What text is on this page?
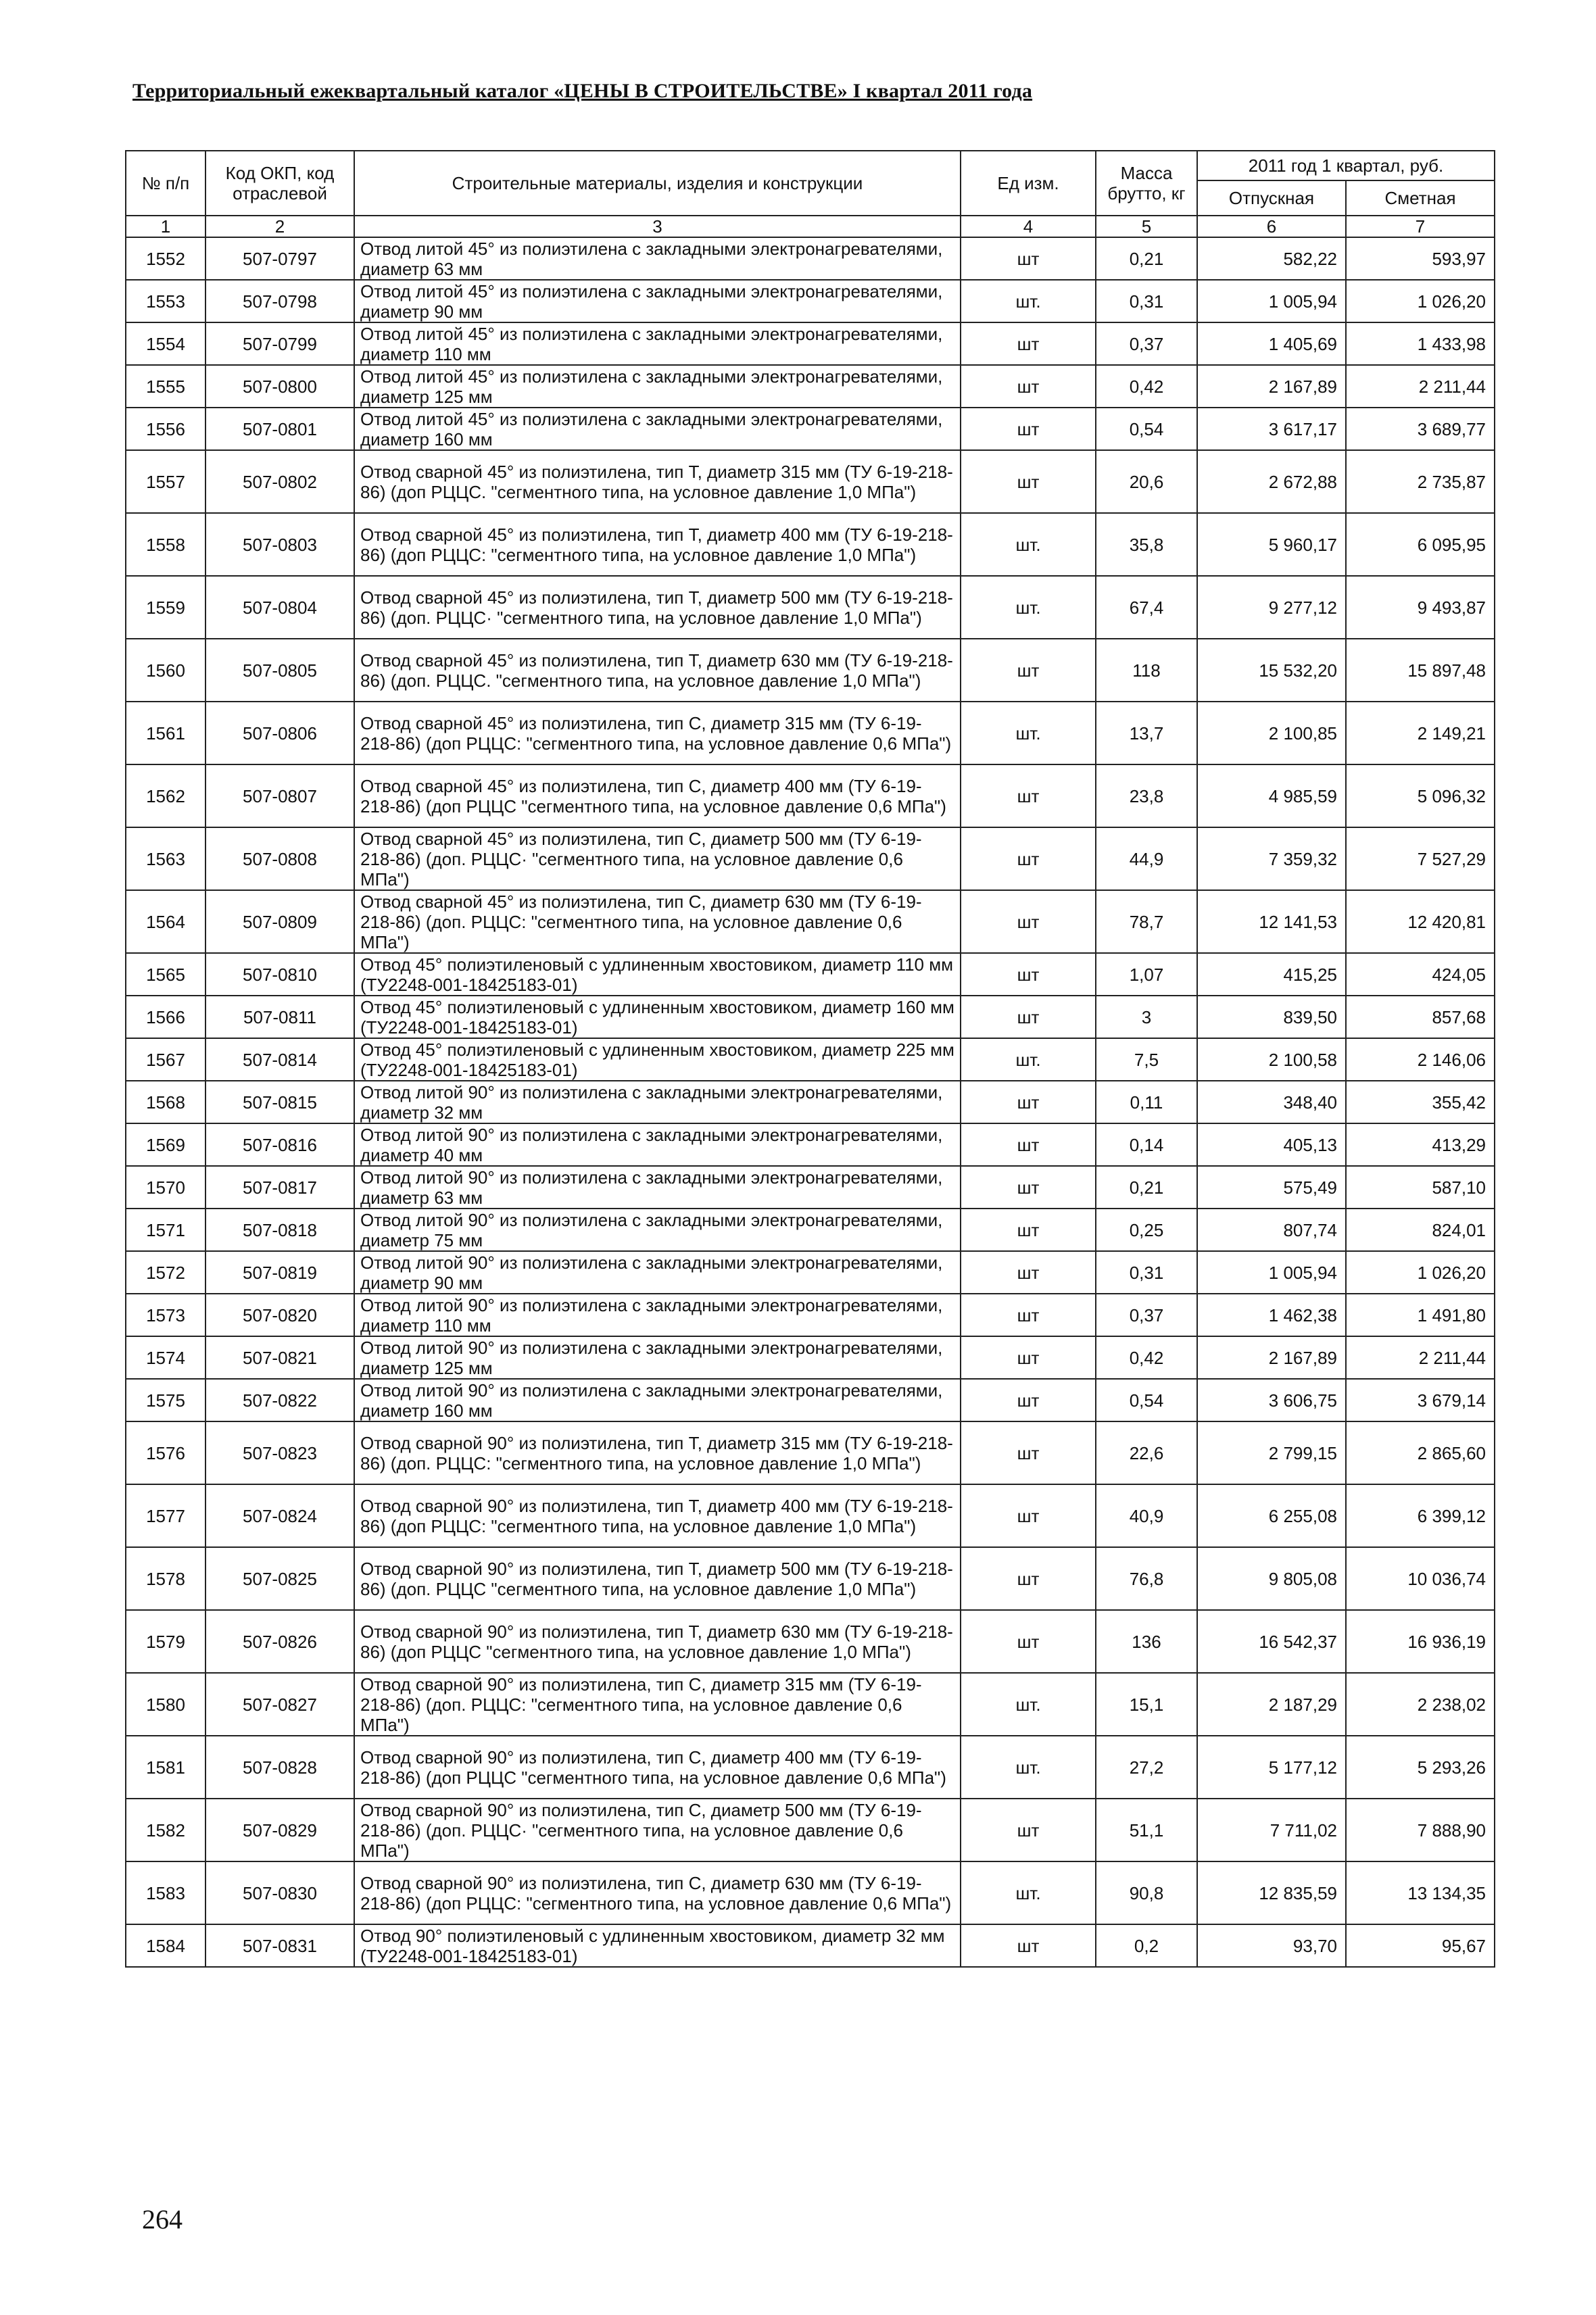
Территориальный ежеквартальный каталог «ЦЕНЫ В СТРОИТЕЛЬСТВЕ» I квартал 2011 года
№ п/п	Код ОКП, код отраслевой	Строительные материалы, изделия и конструкции	Ед изм.	Масса брутто, кг	2011 год 1 квартал, руб.	
					Отпускная	Сметная
1	2	3	4	5	6	7
1552	507-0797	Отвод литой 45° из полиэтилена с закладными электронагревателями, диаметр 63 мм	шт	0,21	582,22	593,97
1553	507-0798	Отвод литой 45° из полиэтилена с закладными электронагревателями, диаметр 90 мм	шт.	0,31	1 005,94	1 026,20
1554	507-0799	Отвод литой 45° из полиэтилена с закладными электронагревателями, диаметр 110 мм	шт	0,37	1 405,69	1 433,98
1555	507-0800	Отвод литой 45° из полиэтилена с закладными электронагревателями, диаметр 125 мм	шт	0,42	2 167,89	2 211,44
1556	507-0801	Отвод литой 45° из полиэтилена с закладными электронагревателями, диаметр 160 мм	шт	0,54	3 617,17	3 689,77
1557	507-0802	Отвод сварной 45° из полиэтилена, тип Т, диаметр 315 мм (ТУ 6-19-218-86) (доп РЦЦС. "сегментного типа, на условное давление 1,0 МПа")	шт	20,6	2 672,88	2 735,87
1558	507-0803	Отвод сварной 45° из полиэтилена, тип Т, диаметр 400 мм (ТУ 6-19-218-86) (доп РЦЦС: "сегментного типа, на условное давление 1,0 МПа")	шт.	35,8	5 960,17	6 095,95
1559	507-0804	Отвод сварной 45° из полиэтилена, тип Т, диаметр 500 мм (ТУ 6-19-218-86) (доп. РЦЦС· "сегментного типа, на условное давление 1,0 МПа")	шт.	67,4	9 277,12	9 493,87
1560	507-0805	Отвод сварной 45° из полиэтилена, тип Т, диаметр 630 мм (ТУ 6-19-218-86) (доп. РЦЦС. "сегментного типа, на условное давление 1,0 МПа")	шт	118	15 532,20	15 897,48
1561	507-0806	Отвод сварной 45° из полиэтилена, тип С, диаметр 315 мм (ТУ 6-19-218-86) (доп РЦЦС: "сегментного типа, на условное давление 0,6 МПа")	шт.	13,7	2 100,85	2 149,21
1562	507-0807	Отвод сварной 45° из полиэтилена, тип С, диаметр 400 мм (ТУ 6-19-218-86) (доп РЦЦС "сегментного типа, на условное давление 0,6 МПа")	шт	23,8	4 985,59	5 096,32
1563	507-0808	Отвод сварной 45° из полиэтилена, тип С, диаметр 500 мм (ТУ 6-19-218-86) (доп. РЦЦС· "сегментного типа, на условное давление 0,6 МПа")	шт	44,9	7 359,32	7 527,29
1564	507-0809	Отвод сварной 45° из полиэтилена, тип С, диаметр 630 мм (ТУ 6-19-218-86) (доп. РЦЦС: "сегментного типа, на условное давление 0,6 МПа")	шт	78,7	12 141,53	12 420,81
1565	507-0810	Отвод 45° полиэтиленовый с удлиненным хвостовиком, диаметр 110 мм (ТУ2248-001-18425183-01)	шт	1,07	415,25	424,05
1566	507-0811	Отвод 45° полиэтиленовый с удлиненным хвостовиком, диаметр 160 мм (ТУ2248-001-18425183-01)	шт	3	839,50	857,68
1567	507-0814	Отвод 45° полиэтиленовый с удлиненным хвостовиком, диаметр 225 мм (ТУ2248-001-18425183-01)	шт.	7,5	2 100,58	2 146,06
1568	507-0815	Отвод литой 90° из полиэтилена с закладными электронагревателями, диаметр 32 мм	шт	0,11	348,40	355,42
1569	507-0816	Отвод литой 90° из полиэтилена с закладными электронагревателями, диаметр 40 мм	шт	0,14	405,13	413,29
1570	507-0817	Отвод литой 90° из полиэтилена с закладными электронагревателями, диаметр 63 мм	шт	0,21	575,49	587,10
1571	507-0818	Отвод литой 90° из полиэтилена с закладными электронагревателями, диаметр 75 мм	шт	0,25	807,74	824,01
1572	507-0819	Отвод литой 90° из полиэтилена с закладными электронагревателями, диаметр 90 мм	шт	0,31	1 005,94	1 026,20
1573	507-0820	Отвод литой 90° из полиэтилена с закладными электронагревателями, диаметр 110 мм	шт	0,37	1 462,38	1 491,80
1574	507-0821	Отвод литой 90° из полиэтилена с закладными электронагревателями, диаметр 125 мм	шт	0,42	2 167,89	2 211,44
1575	507-0822	Отвод литой 90° из полиэтилена с закладными электронагревателями, диаметр 160 мм	шт	0,54	3 606,75	3 679,14
1576	507-0823	Отвод сварной 90° из полиэтилена, тип Т, диаметр 315 мм (ТУ 6-19-218-86) (доп. РЦЦС: "сегментного типа, на условное давление 1,0 МПа")	шт	22,6	2 799,15	2 865,60
1577	507-0824	Отвод сварной 90° из полиэтилена, тип Т, диаметр 400 мм (ТУ 6-19-218-86) (доп РЦЦС: "сегментного типа, на условное давление 1,0 МПа")	шт	40,9	6 255,08	6 399,12
1578	507-0825	Отвод сварной 90° из полиэтилена, тип Т, диаметр 500 мм (ТУ 6-19-218-86) (доп. РЦЦС "сегментного типа, на условное давление 1,0 МПа")	шт	76,8	9 805,08	10 036,74
1579	507-0826	Отвод сварной 90° из полиэтилена, тип Т, диаметр 630 мм (ТУ 6-19-218-86) (доп РЦЦС "сегментного типа, на условное давление 1,0 МПа")	шт	136	16 542,37	16 936,19
1580	507-0827	Отвод сварной 90° из полиэтилена, тип С, диаметр 315 мм (ТУ 6-19-218-86) (доп. РЦЦС: "сегментного типа, на условное давление 0,6 МПа")	шт.	15,1	2 187,29	2 238,02
1581	507-0828	Отвод сварной 90° из полиэтилена, тип С, диаметр 400 мм (ТУ 6-19-218-86) (доп РЦЦС "сегментного типа, на условное давление 0,6 МПа")	шт.	27,2	5 177,12	5 293,26
1582	507-0829	Отвод сварной 90° из полиэтилена, тип С, диаметр 500 мм (ТУ 6-19-218-86) (доп. РЦЦС· "сегментного типа, на условное давление 0,6 МПа")	шт	51,1	7 711,02	7 888,90
1583	507-0830	Отвод сварной 90° из полиэтилена, тип С, диаметр 630 мм (ТУ 6-19-218-86) (доп РЦЦС: "сегментного типа, на условное давление 0,6 МПа")	шт.	90,8	12 835,59	13 134,35
1584	507-0831	Отвод 90° полиэтиленовый с удлиненным хвостовиком, диаметр 32 мм (ТУ2248-001-18425183-01)	шт	0,2	93,70	95,67
264
